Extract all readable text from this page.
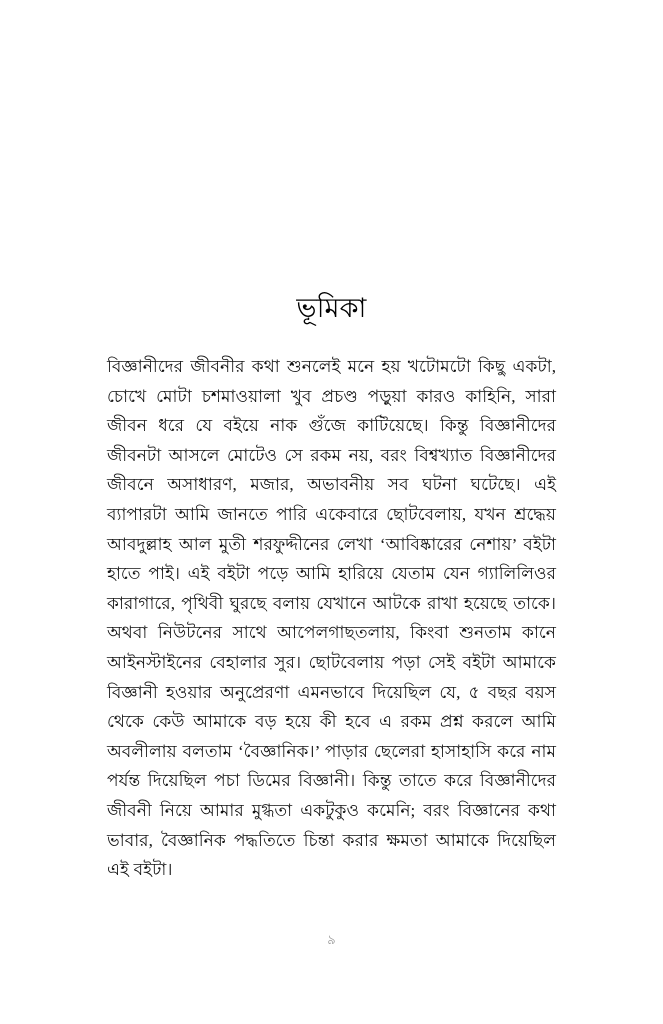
ভূমিকা

বিজ্ঞানীদের জীবনীর কথা শুনলেই মনে হয় খটোমটো কিছু একটা, চোখে মোটা চশমাওয়ালা খুব প্রচণ্ড পড়ুয়া কারও কাহিনি, সারা জীবন ধরে যে বইয়ে নাক গুঁজে কাটিয়েছে। কিন্তু বিজ্ঞানীদের জীবনটা আসলে মোটেও সে রকম নয়, বরং বিশ্বখ্যাত বিজ্ঞানীদের জীবনে অসাধারণ, মজার, অভাবনীয় সব ঘটনা ঘটেছে। এই ব্যাপারটা আমি জানতে পারি একেবারে ছোটবেলায়, যখন শ্রদ্ধেয় আবদুল্লাহ আল মুতী শরফুদ্দীনের লেখা ‘আবিষ্কারের নেশায়’ বইটা হাতে পাই। এই বইটা পড়ে আমি হারিয়ে যেতাম যেন গ্যালিলিওর কারাগারে, পৃথিবী ঘুরছে বলায় যেখানে আটকে রাখা হয়েছে তাকে। অথবা নিউটনের সাথে আপেলগাছতলায়, কিংবা শুনতাম কানে আইনস্টাইনের বেহালার সুর। ছোটবেলায় পড়া সেই বইটা আমাকে বিজ্ঞানী হওয়ার অনুপ্রেরণা এমনভাবে দিয়েছিল যে, ৫ বছর বয়স থেকে কেউ আমাকে বড় হয়ে কী হবে এ রকম প্রশ্ন করলে আমি অবলীলায় বলতাম ‘বৈজ্ঞানিক।’ পাড়ার ছেলেরা হাসাহাসি করে নাম পর্যন্ত দিয়েছিল পচা ডিমের বিজ্ঞানী। কিন্তু তাতে করে বিজ্ঞানীদের জীবনী নিয়ে আমার মুগ্ধতা একটুকুও কমেনি; বরং বিজ্ঞানের কথা ভাবার, বৈজ্ঞানিক পদ্ধতিতে চিন্তা করার ক্ষমতা আমাকে দিয়েছিল এই বইটা।

৯
